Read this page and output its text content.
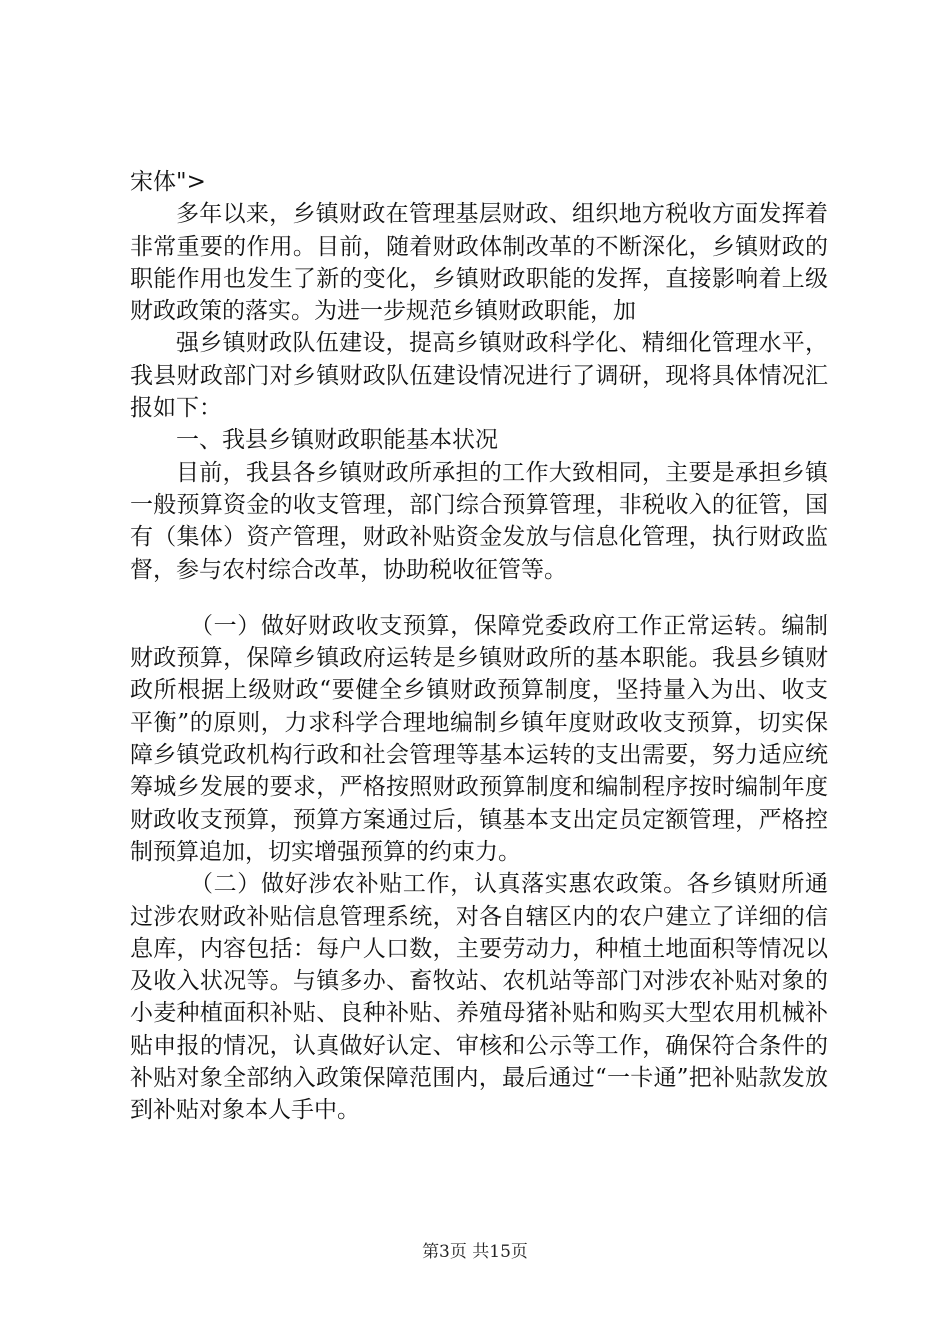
宋体">

多年以来，乡镇财政在管理基层财政、组织地方税收方面发挥着非常重要的作用。目前，随着财政体制改革的不断深化，乡镇财政的职能作用也发生了新的变化，乡镇财政职能的发挥，直接影响着上级财政政策的落实。为进一步规范乡镇财政职能，加

强乡镇财政队伍建设，提高乡镇财政科学化、精细化管理水平，我县财政部门对乡镇财政队伍建设情况进行了调研，现将具体情况汇报如下：

一、我县乡镇财政职能基本状况

目前，我县各乡镇财政所承担的工作大致相同，主要是承担乡镇一般预算资金的收支管理，部门综合预算管理，非税收入的征管，国有（集体）资产管理，财政补贴资金发放与信息化管理，执行财政监督，参与农村综合改革，协助税收征管等。

（一）做好财政收支预算，保障党委政府工作正常运转。编制财政预算，保障乡镇政府运转是乡镇财政所的基本职能。我县乡镇财政所根据上级财政“要健全乡镇财政预算制度，坚持量入为出、收支平衡”的原则，力求科学合理地编制乡镇年度财政收支预算，切实保障乡镇党政机构行政和社会管理等基本运转的支出需要，努力适应统筹城乡发展的要求，严格按照财政预算制度和编制程序按时编制年度财政收支预算，预算方案通过后，镇基本支出定员定额管理，严格控制预算追加，切实增强预算的约束力。

（二）做好涉农补贴工作，认真落实惠农政策。各乡镇财所通过涉农财政补贴信息管理系统，对各自辖区内的农户建立了详细的信息库，内容包括：每户人口数，主要劳动力，种植土地面积等情况以及收入状况等。与镇多办、畜牧站、农机站等部门对涉农补贴对象的小麦种植面积补贴、良种补贴、养殖母猪补贴和购买大型农用机械补贴申报的情况，认真做好认定、审核和公示等工作，确保符合条件的补贴对象全部纳入政策保障范围内，最后通过“一卡通”把补贴款发放到补贴对象本人手中。

第3页 共15页
